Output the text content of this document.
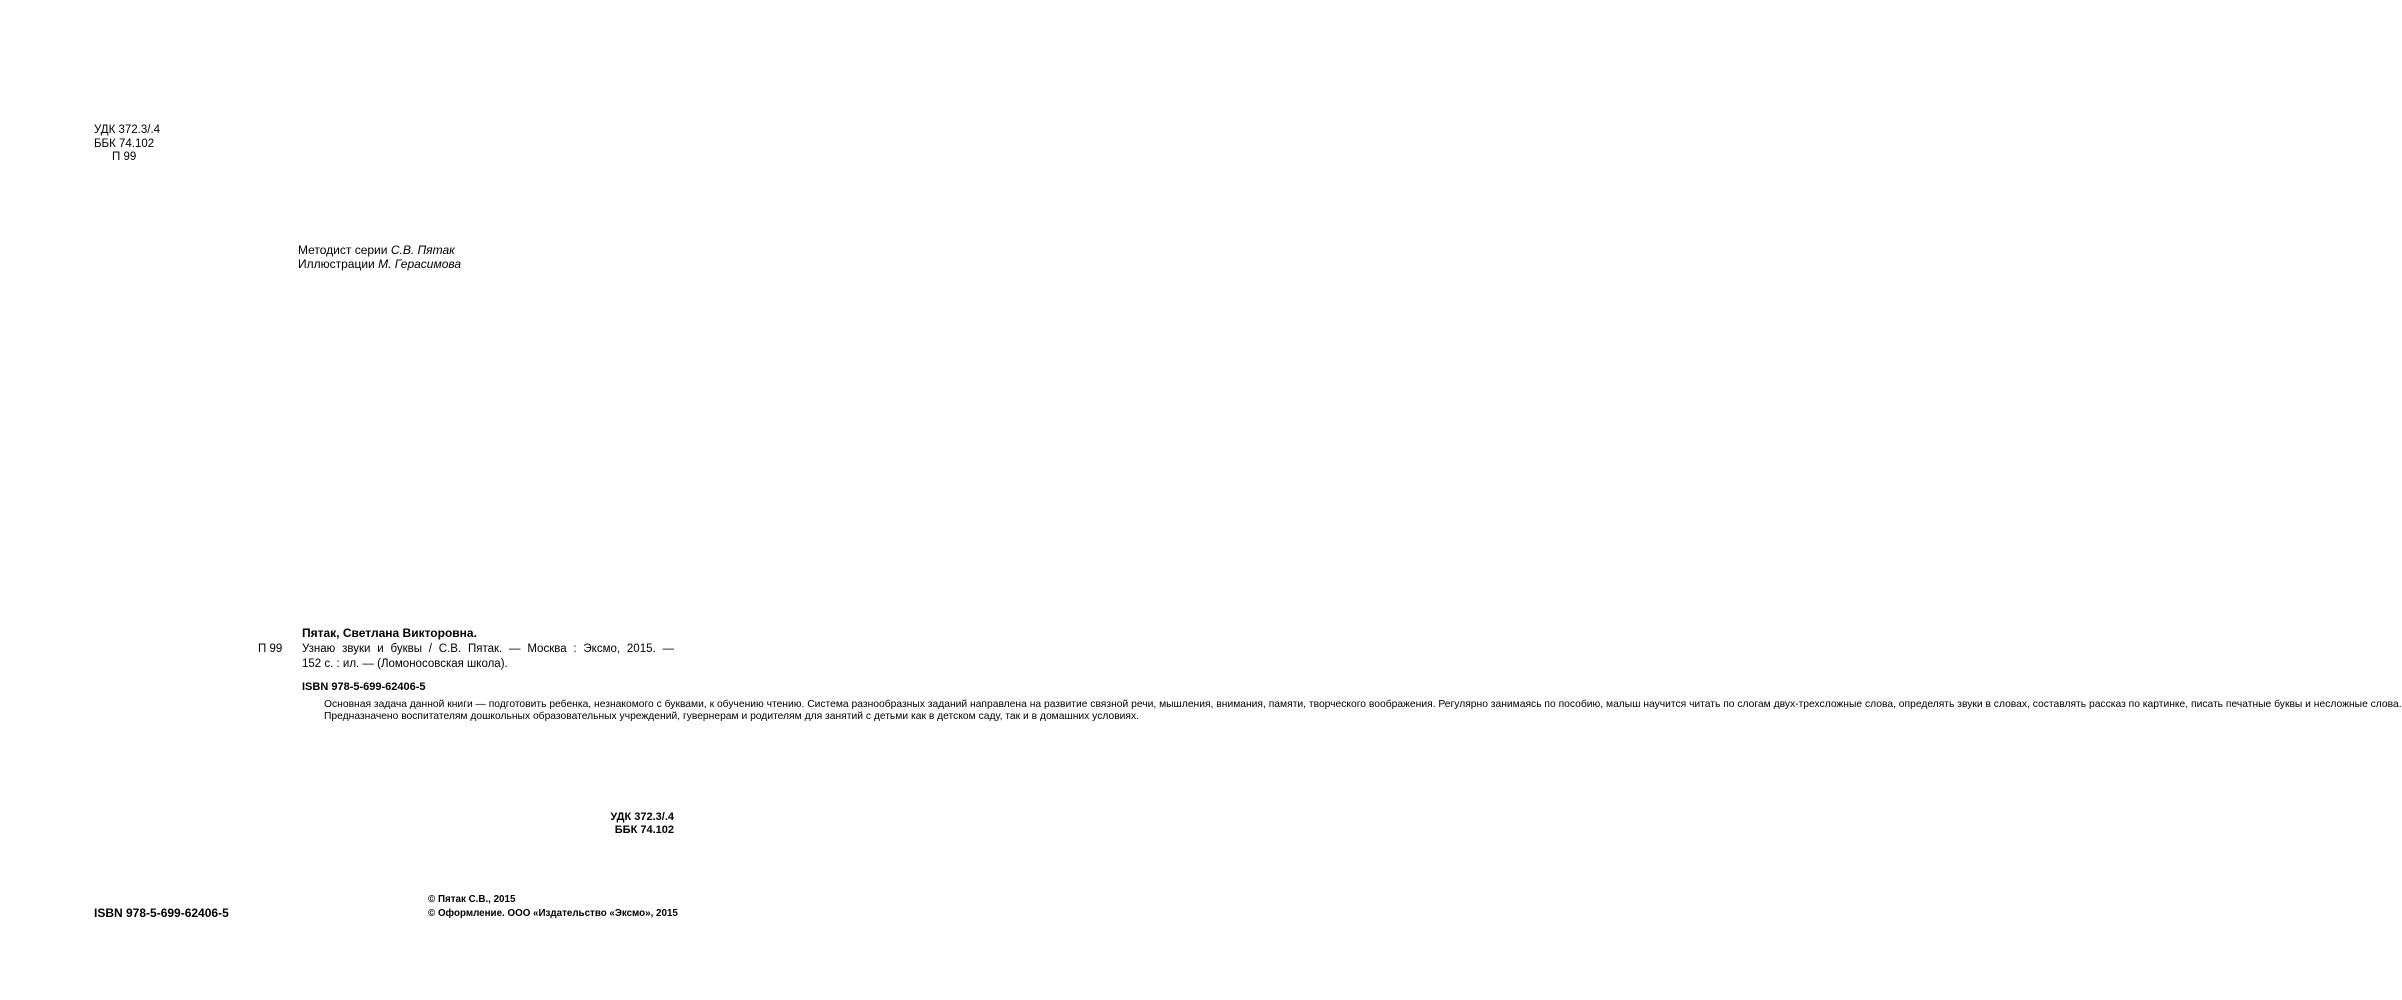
УДК 372.3/.4
ББК 74.102
П 99
Методист серии С.В. Пятак
Иллюстрации М. Герасимова
Пятак, Светлана Викторовна.
П 99 Узнаю звуки и буквы / С.В. Пятак. — Москва : Эксмо, 2015. —
152 с. : ил. — (Ломоносовская школа).
ISBN 978-5-699-62406-5

Основная задача данной книги — подготовить ребенка, незнакомого с буквами, к обучению чтению. Система разнообразных заданий направлена на развитие связной речи, мышления, внимания, памяти, творческого воображения. Регулярно занимаясь по пособию, малыш научится читать по слогам двух-трехсложные слова, определять звуки в словах, составлять рассказ по картинке, писать печатные буквы и несложные слова.

Предназначено воспитателям дошкольных образовательных учреждений, гувернерам и родителям для занятий с детьми как в детском саду, так и в домашних условиях.

УДК 372.3/.4
ББК 74.102
ISBN 978-5-699-62406-5
© Пятак С.В., 2015
© Оформление. ООО «Издательство «Эксмо», 2015
